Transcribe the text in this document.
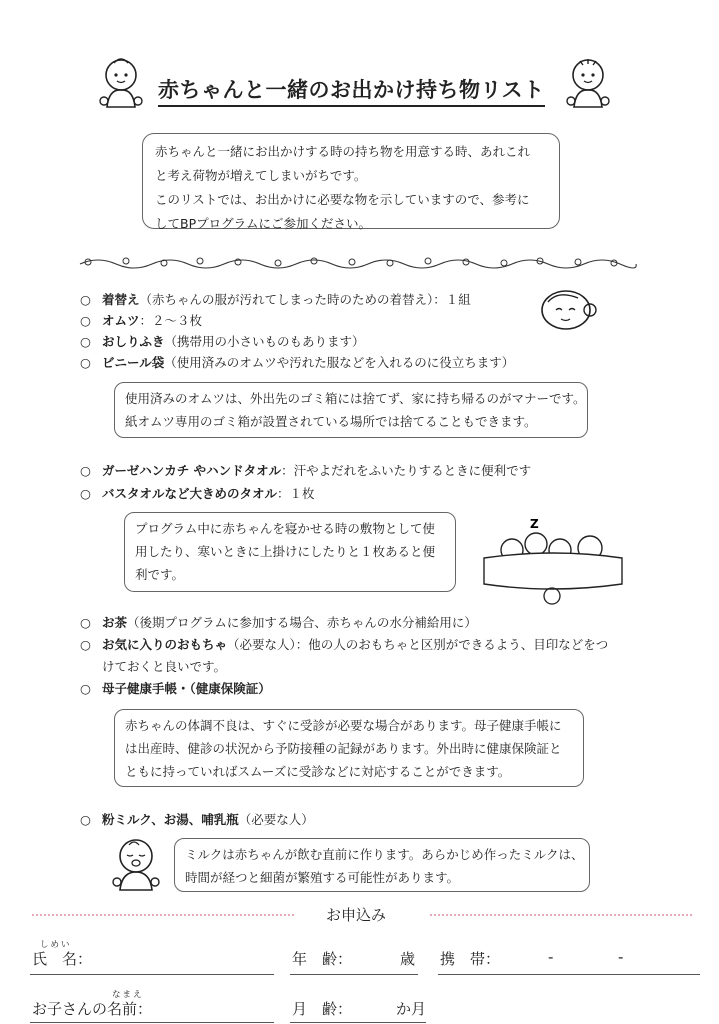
赤ちゃんと一緒のお出かけ持ち物リスト
赤ちゃんと一緒にお出かけする時の持ち物を用意する時、あれこれ
と考え荷物が増えてしまいがちです。
このリストでは、お出かけに必要な物を示していますので、参考に
してBPプログラムにご参加ください。
○ 着替え（赤ちゃんの服が汚れてしまった時のための着替え）：１組
○ オムツ：２～３枚
○ おしりふき（携帯用の小さいものもあります）
○ ビニール袋（使用済みのオムツや汚れた服などを入れるのに役立ちます）
使用済みのオムツは、外出先のゴミ箱には捨てず、家に持ち帰るのがマナーです。
紙オムツ専用のゴミ箱が設置されている場所では捨てることもできます。
○ ガーゼハンカチ やハンドタオル：汗やよだれをふいたりするときに便利です
○ バスタオルなど大きめのタオル：１枚
プログラム中に赤ちゃんを寝かせる時の敷物として使
用したり、寒いときに上掛けにしたりと１枚あると便
利です。
Z
○ お茶（後期プログラムに参加する場合、赤ちゃんの水分補給用に）
○ お気に入りのおもちゃ（必要な人）：他の人のおもちゃと区別ができるよう、目印などをつ
けておくと良いです。
○ 母子健康手帳・（健康保険証）
赤ちゃんの体調不良は、すぐに受診が必要な場合があります。母子健康手帳に
は出産時、健診の状況から予防接種の記録があります。外出時に健康保険証と
ともに持っていればスムーズに受診などに対応することができます。
○ 粉ミルク、お湯、哺乳瓶（必要な人）
ミルクは赤ちゃんが飲む直前に作ります。あらかじめ作ったミルクは、
時間が経つと細菌が繁殖する可能性があります。
お申込み
しめい
氏　名：	年　齢：	歳 携　帯：	-	-
なまえ
お子さんの名前：	月　齢：	か月
